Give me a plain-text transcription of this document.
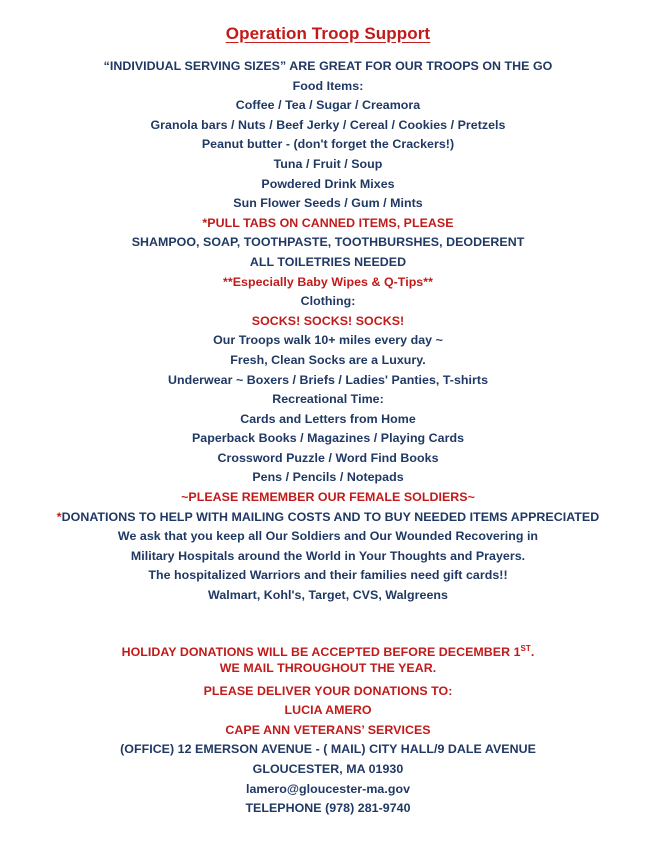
Operation Troop Support
“INDIVIDUAL SERVING SIZES” ARE GREAT FOR OUR TROOPS ON THE GO
Food Items:
Coffee / Tea / Sugar / Creamora
Granola bars / Nuts / Beef Jerky / Cereal / Cookies / Pretzels
Peanut butter - (don't forget the Crackers!)
Tuna / Fruit / Soup
Powdered Drink Mixes
Sun Flower Seeds / Gum / Mints
*PULL TABS ON CANNED ITEMS, PLEASE
SHAMPOO, SOAP, TOOTHPASTE, TOOTHBURSHES, DEODERENT
ALL TOILETRIES NEEDED
**Especially Baby Wipes & Q-Tips**
Clothing:
SOCKS! SOCKS! SOCKS!
Our Troops walk 10+ miles every day ~
Fresh, Clean Socks are a Luxury.
Underwear ~ Boxers / Briefs / Ladies' Panties, T-shirts
Recreational Time:
Cards and Letters from Home
Paperback Books / Magazines / Playing Cards
Crossword Puzzle / Word Find Books
Pens / Pencils / Notepads
~PLEASE REMEMBER OUR FEMALE SOLDIERS~
*DONATIONS TO HELP WITH MAILING COSTS AND TO BUY NEEDED ITEMS APPRECIATED
We ask that you keep all Our Soldiers and Our Wounded Recovering in
Military Hospitals around the World in Your Thoughts and Prayers.
The hospitalized Warriors and their families need gift cards!!
Walmart, Kohl's, Target, CVS, Walgreens
HOLIDAY DONATIONS WILL BE ACCEPTED BEFORE DECEMBER 1ST.
WE MAIL THROUGHOUT THE YEAR.
PLEASE DELIVER YOUR DONATIONS TO:
LUCIA AMERO
CAPE ANN VETERANS’ SERVICES
(OFFICE) 12 EMERSON AVENUE - ( MAIL) CITY HALL/9 DALE AVENUE
GLOUCESTER, MA 01930
lamero@gloucester-ma.gov
TELEPHONE (978) 281-9740
